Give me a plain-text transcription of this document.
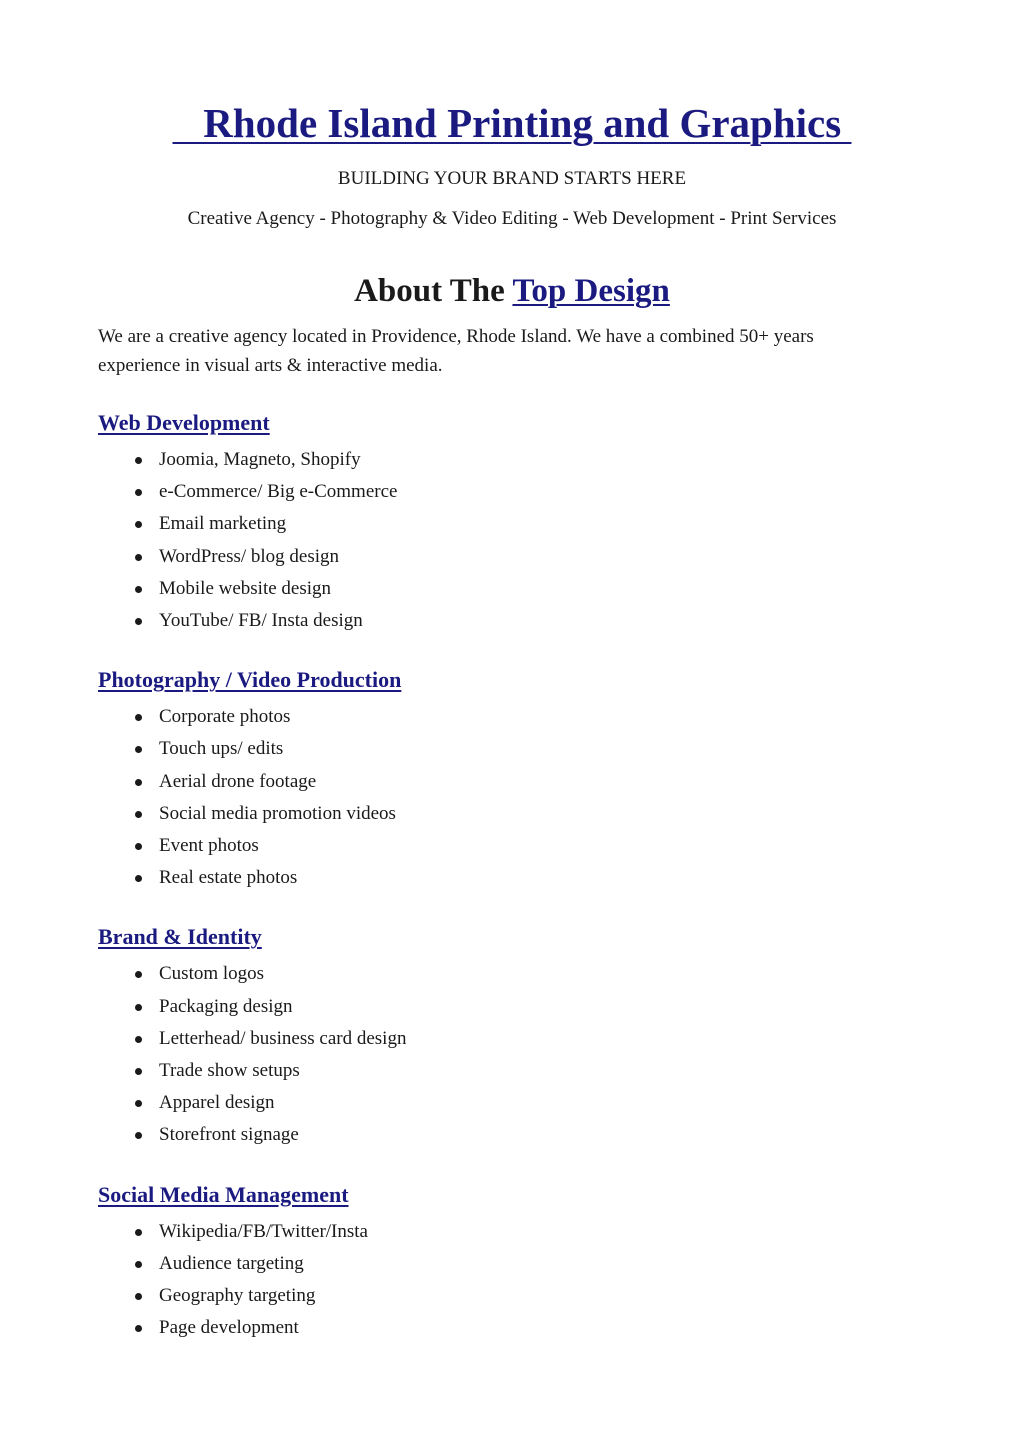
Rhode Island Printing and Graphics

BUILDING YOUR BRAND STARTS HERE

Creative Agency - Photography & Video Editing - Web Development - Print Services

About The Top Design

We are a creative agency located in Providence, Rhode Island. We have a combined 50+ years experience in visual arts & interactive media.

Web Development
Joomia, Magneto, Shopify
e-Commerce/ Big e-Commerce
Email marketing
WordPress/ blog design
Mobile website design
YouTube/ FB/ Insta design
Photography / Video Production
Corporate photos
Touch ups/ edits
Aerial drone footage
Social media promotion videos
Event photos
Real estate photos
Brand & Identity
Custom logos
Packaging design
Letterhead/ business card design
Trade show setups
Apparel design
Storefront signage
Social Media Management
Wikipedia/FB/Twitter/Insta
Audience targeting
Geography targeting
Page development
